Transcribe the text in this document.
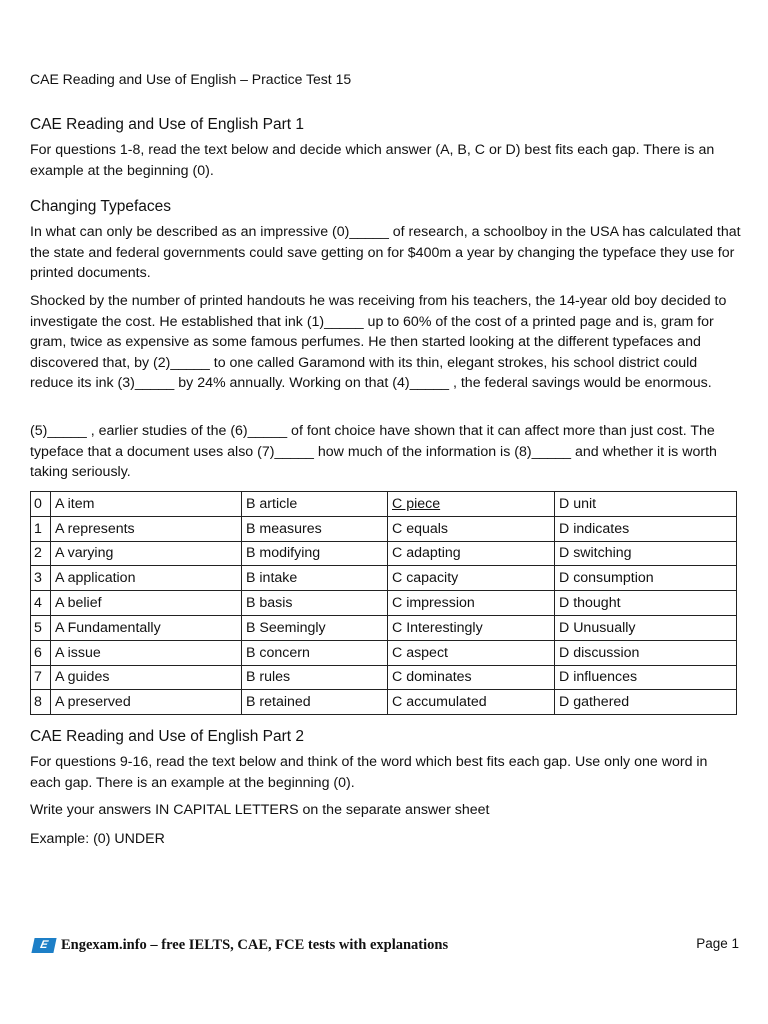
CAE Reading and Use of English – Practice Test 15
CAE Reading and Use of English Part 1

For questions 1-8, read the text below and decide which answer (A, B, C or D) best fits each gap. There is an example at the beginning (0).

Changing Typefaces

In what can only be described as an impressive (0)_____ of research, a schoolboy in the USA has calculated that the state and federal governments could save getting on for $400m a year by changing the typeface they use for printed documents.

Shocked by the number of printed handouts he was receiving from his teachers, the 14-year old boy decided to investigate the cost. He established that ink (1)_____ up to 60% of the cost of a printed page and is, gram for gram, twice as expensive as some famous perfumes. He then started looking at the different typefaces and discovered that, by (2)_____ to one called Garamond with its thin, elegant strokes, his school district could reduce its ink (3)_____ by 24% annually. Working on that (4)_____ , the federal savings would be enormous.

(5)_____ , earlier studies of the (6)_____ of font choice have shown that it can affect more than just cost. The typeface that a document uses also (7)_____ how much of the information is (8)_____ and whether it is worth taking seriously.

0	A item	B article	C piece	D unit
1	A represents	B measures	C equals	D indicates
2	A varying	B modifying	C adapting	D switching
3	A application	B intake	C capacity	D consumption
4	A belief	B basis	C impression	D thought
5	A Fundamentally	B Seemingly	C Interestingly	D Unusually
6	A issue	B concern	C aspect	D discussion
7	A guides	B rules	C dominates	D influences
8	A preserved	B retained	C accumulated	D gathered
CAE Reading and Use of English Part 2

For questions 9-16, read the text below and think of the word which best fits each gap. Use only one word in each gap. There is an example at the beginning (0).

Write your answers IN CAPITAL LETTERS on the separate answer sheet

Example: (0) UNDER

E Engexam.info – free IELTS, CAE, FCE tests with explanations	Page 1
